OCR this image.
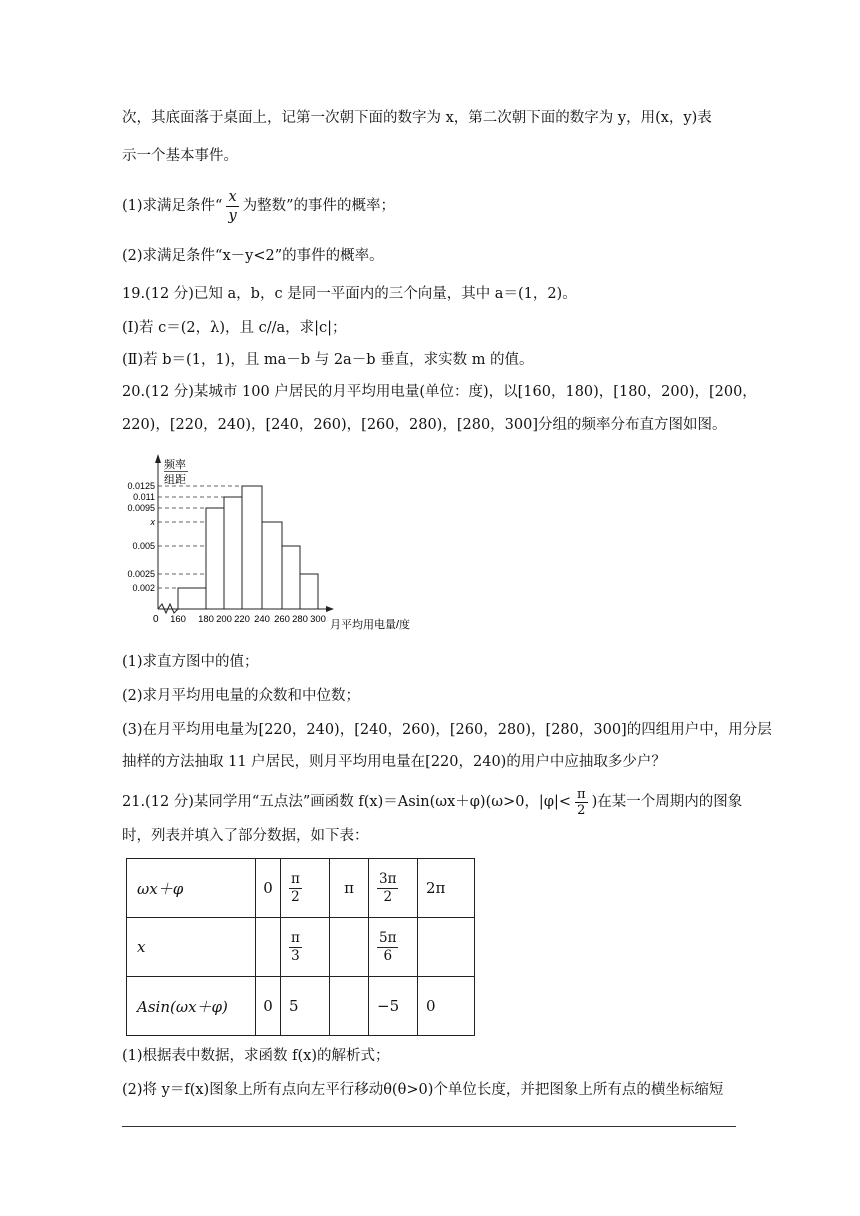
次，其底面落于桌面上，记第一次朝下面的数字为 x，第二次朝下面的数字为 y，用(x，y)表
示一个基本事件。
(1)求满足条件“ $\frac{x}{y}$ 为整数”的事件的概率；
(2)求满足条件“x－y<2”的事件的概率。
19.(12 分)已知 a，b，c 是同一平面内的三个向量，其中 a＝(1，2)。
(I)若 c＝(2，λ)，且 c//a，求|c|；
(Ⅱ)若 b＝(1，1)，且 ma－b 与 2a－b 垂直，求实数 m 的值。
20.(12 分)某城市 100 户居民的月平均用电量(单位：度)，以[160，180)，[180，200)，[200，
220)，[220，240)，[240，260)，[260，280)，[280，300]分组的频率分布直方图如图。
0.0125
0.011
0.0095
x
0.005
0.0025
0.002
160 180 200 220 240 260 280 300
频率
组距
月平均用电量/度
0
(1)求直方图中的值；
(2)求月平均用电量的众数和中位数；
(3)在月平均用电量为[220，240)，[240，260)，[260，280)，[280，300]的四组用户中，用分层
抽样的方法抽取 11 户居民，则月平均用电量在[220，240)的用户中应抽取多少户？
21.(12 分)某同学用“五点法”画函数 f(x)＝Asin(ωx＋φ)(ω>0，$|\varphi|< \frac{\pi}{2}$ )在某一个周期内的图象
时，列表并填入了部分数据，如下表：
ωx＋φ	0	$\frac{\pi}{2}$	π	$\frac{3\pi}{2}$	2π
x		$\frac{\pi}{3}$		$\frac{5\pi}{6}$

Asin(ωx＋φ)	0	5		−5	0
(1)根据表中数据，求函数 f(x)的解析式；
(2)将 y＝f(x)图象上所有点向左平行移动θ(θ>0)个单位长度，并把图象上所有点的横坐标缩短
